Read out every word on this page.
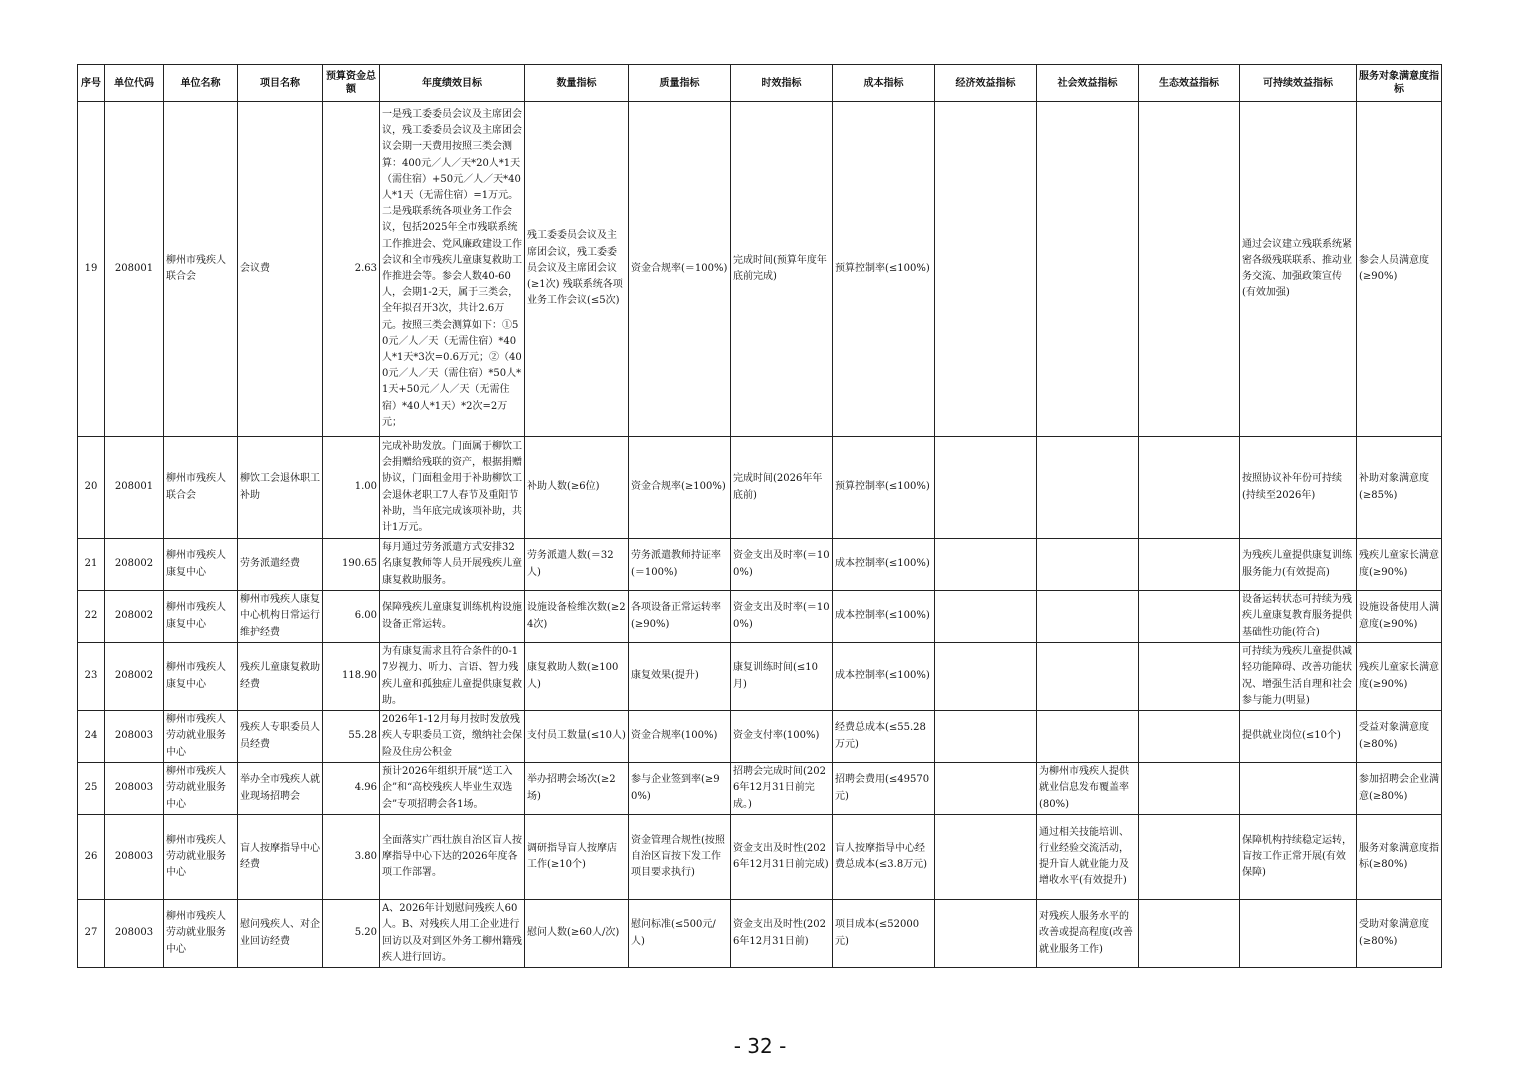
序号	单位代码	单位名称	项目名称	预算资金总额	年度绩效目标	数量指标	质量指标	时效指标	成本指标	经济效益指标	社会效益指标	生态效益指标	可持续效益指标	服务对象满意度指标
19	208001	柳州市残疾人联合会	会议费	2.63	一是残工委委员会议及主席团会议，残工委委员会议及主席团会议会期一天费用按照三类会测算：400元／人／天*20人*1天（需住宿）+50元／人／天*40人*1天（无需住宿）=1万元。二是残联系统各项业务工作会议，包括2025年全市残联系统工作推进会、党风廉政建设工作会议和全市残疾儿童康复救助工作推进会等。参会人数40-60人，会期1-2天，属于三类会，全年拟召开3次，共计2.6万元。按照三类会测算如下：①50元／人／天（无需住宿）*40人*1天*3次=0.6万元；②（400元／人／天（需住宿）*50人*1天+50元／人／天（无需住宿）*40人*1天）*2次=2万元；	残工委委员会议及主席团会议，残工委委员会议及主席团会议(≥1次) 残联系统各项业务工作会议(≤5次)	资金合规率(＝100%)	完成时间(预算年度年底前完成)	预算控制率(≤100%)				通过会议建立残联系统紧密各级残联联系、推动业务交流、加强政策宣传(有效加强)	参会人员满意度(≥90%)
20	208001	柳州市残疾人联合会	柳饮工会退休职工补助	1.00	完成补助发放。门面属于柳饮工会捐赠给残联的资产，根据捐赠协议，门面租金用于补助柳饮工会退休老职工7人春节及重阳节补助，当年底完成该项补助，共计1万元。	补助人数(≥6位)	资金合规率(≥100%)	完成时间(2026年年底前)	预算控制率(≤100%)				按照协议补年份可持续(持续至2026年)	补助对象满意度(≥85%)
21	208002	柳州市残疾人康复中心	劳务派遣经费	190.65	每月通过劳务派遣方式安排32名康复教师等人员开展残疾儿童康复救助服务。	劳务派遣人数(＝32人)	劳务派遣教师持证率(＝100%)	资金支出及时率(＝100%)	成本控制率(≤100%)				为残疾儿童提供康复训练服务能力(有效提高)	残疾儿童家长满意度(≥90%)
22	208002	柳州市残疾人康复中心	柳州市残疾人康复中心机构日常运行维护经费	6.00	保障残疾儿童康复训练机构设施设备正常运转。	设施设备检维次数(≥24次)	各项设备正常运转率(≥90%)	资金支出及时率(＝100%)	成本控制率(≤100%)				设备运转状态可持续为残疾儿童康复教育服务提供基础性功能(符合)	设施设备使用人满意度(≥90%)
23	208002	柳州市残疾人康复中心	残疾儿童康复救助经费	118.90	为有康复需求且符合条件的0-17岁视力、听力、言语、智力残疾儿童和孤独症儿童提供康复救助。	康复救助人数(≥100人)	康复效果(提升)	康复训练时间(≤10月)	成本控制率(≤100%)				可持续为残疾儿童提供减轻功能障碍、改善功能状况、增强生活自理和社会参与能力(明显)	残疾儿童家长满意度(≥90%)
24	208003	柳州市残疾人劳动就业服务中心	残疾人专职委员人员经费	55.28	2026年1-12月每月按时发放残疾人专职委员工资，缴纳社会保险及住房公积金	支付员工数量(≤10人)	资金合规率(100%)	资金支付率(100%)	经费总成本(≤55.28万元)				提供就业岗位(≤10个)	受益对象满意度(≥80%)
25	208003	柳州市残疾人劳动就业服务中心	举办全市残疾人就业现场招聘会	4.96	预计2026年组织开展“送工入企”和“高校残疾人毕业生双选会”专项招聘会各1场。	举办招聘会场次(≥2场)	参与企业签到率(≥90%)	招聘会完成时间(2026年12月31日前完成。)	招聘会费用(≤49570元)		为柳州市残疾人提供就业信息发布覆盖率(80%)			参加招聘会企业满意(≥80%)
26	208003	柳州市残疾人劳动就业服务中心	盲人按摩指导中心经费	3.80	全面落实广西壮族自治区盲人按摩指导中心下达的2026年度各项工作部署。	调研指导盲人按摩店工作(≥10个)	资金管理合规性(按照自治区盲按下发工作项目要求执行)	资金支出及时性(2026年12月31日前完成)	盲人按摩指导中心经费总成本(≤3.8万元)		通过相关技能培训、行业经验交流活动，提升盲人就业能力及增收水平(有效提升)		保障机构持续稳定运转，盲按工作正常开展(有效保障)	服务对象满意度指标(≥80%)
27	208003	柳州市残疾人劳动就业服务中心	慰问残疾人、对企业回访经费	5.20	A、2026年计划慰问残疾人60人。B、对残疾人用工企业进行回访以及对到区外务工柳州籍残疾人进行回访。	慰问人数(≥60人/次)	慰问标准(≤500元/人)	资金支出及时性(2026年12月31日前)	项目成本(≤52000元)		对残疾人服务水平的改善或提高程度(改善就业服务工作)			受助对象满意度(≥80%)
- 32 -
